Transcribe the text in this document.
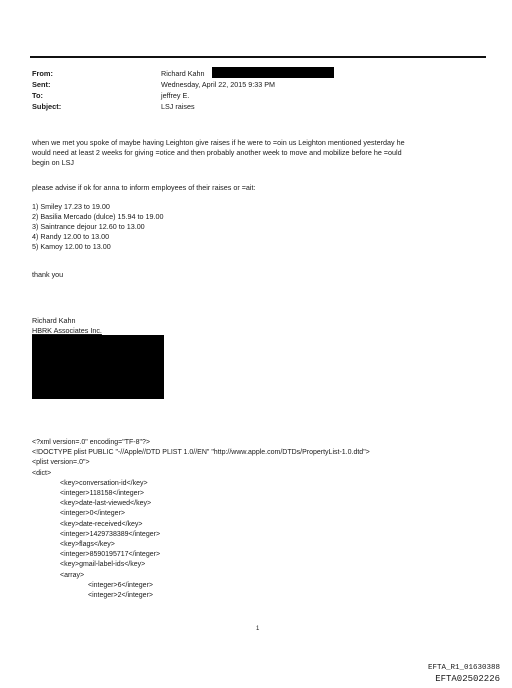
From:	Richard Kahn
Sent:	Wednesday, April 22, 2015 9:33 PM
To:	jeffrey E.
Subject:	LSJ raises
when we met you spoke of maybe having Leighton give raises if he were to =oin us Leighton mentioned yesterday he
would need at least 2 weeks for giving =otice and then probably another week to move and mobilize before he =ould
begin on LSJ
please advise if ok for anna to inform employees of their raises or =ait:
1) Smiley 17.23 to 19.00
2) Basilia Mercado (dulce) 15.94 to 19.00
3) Saintrance dejour 12.60 to 13.00
4) Randy 12.00 to 13.00
5) Kamoy 12.00 to 13.00
thank you
Richard Kahn
HBRK Associates Inc.
<?xml version=.0" encoding="TF-8"?>
<!DOCTYPE plist PUBLIC "-//Apple//DTD PLIST 1.0//EN" "http://www.apple.com/DTDs/PropertyList-1.0.dtd">
<plist version=.0">
<dict>
<key>conversation-id</key>
<integer>118158</integer>
<key>date-last-viewed</key>
<integer>0</integer>
<key>date-received</key>
<integer>1429738389</integer>
<key>flags</key>
<integer>8590195717</integer>
<key>gmail-label-ids</key>
<array>
<integer>6</integer>
<integer>2</integer>
1
EFTA_R1_01630388
EFTA02502226
